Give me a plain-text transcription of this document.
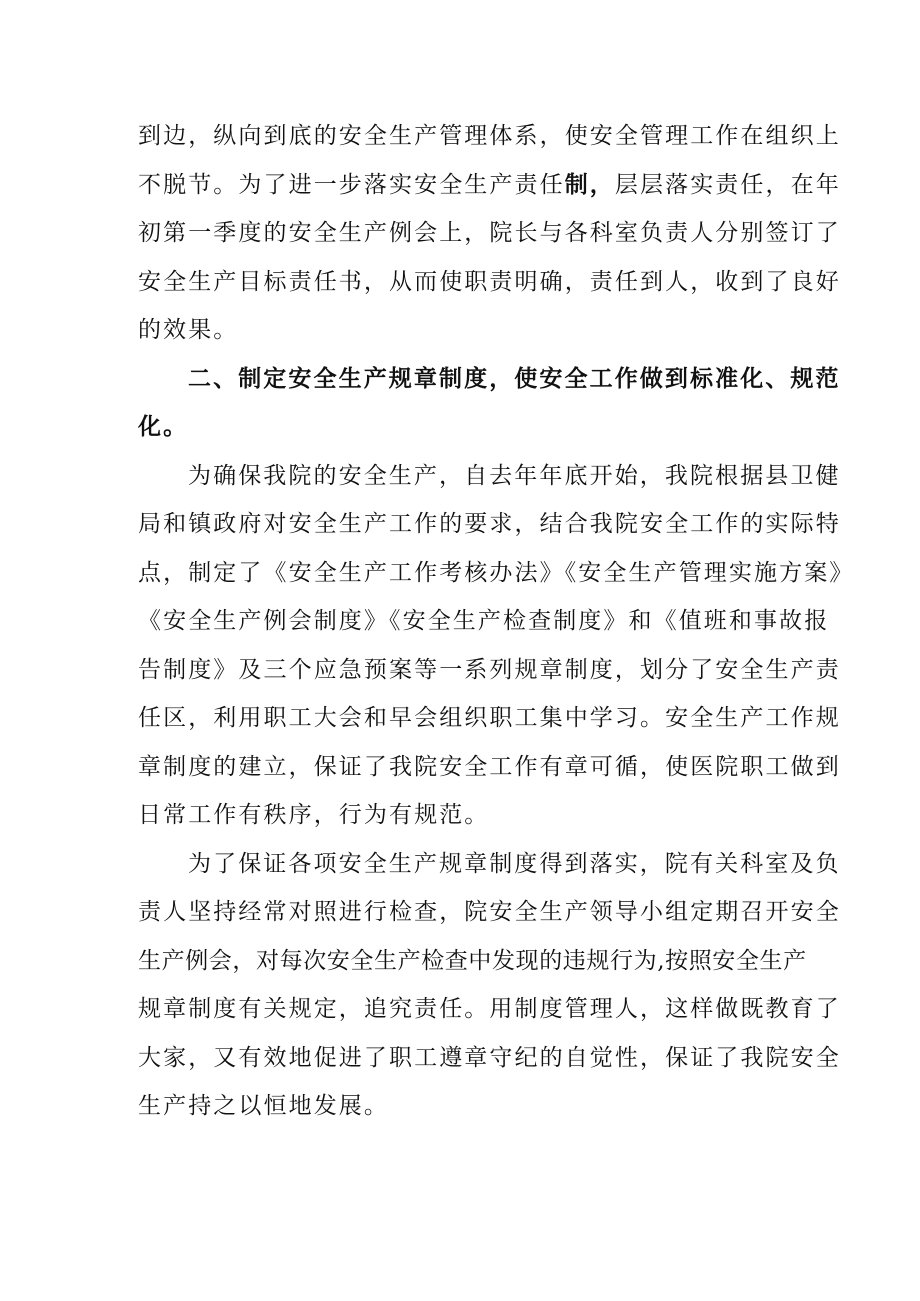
到边，纵向到底的安全生产管理体系，使安全管理工作在组织上
不脱节。为了进一步落实安全生产责任制，层层落实责任，在年
初第一季度的安全生产例会上，院长与各科室负责人分别签订了
安全生产目标责任书，从而使职责明确，责任到人，收到了良好
的效果。

二、制定安全生产规章制度，使安全工作做到标准化、规范
化。

为确保我院的安全生产，自去年年底开始，我院根据县卫健
局和镇政府对安全生产工作的要求，结合我院安全工作的实际特
点，制定了《安全生产工作考核办法》《安全生产管理实施方案》
《安全生产例会制度》《安全生产检查制度》和《值班和事故报
告制度》及三个应急预案等一系列规章制度，划分了安全生产责
任区，利用职工大会和早会组织职工集中学习。安全生产工作规
章制度的建立，保证了我院安全工作有章可循，使医院职工做到
日常工作有秩序，行为有规范。

为了保证各项安全生产规章制度得到落实，院有关科室及负
责人坚持经常对照进行检查，院安全生产领导小组定期召开安全
生产例会，对每次安全生产检查中发现的违规行为,按照安全生产
规章制度有关规定，追究责任。用制度管理人，这样做既教育了
大家，又有效地促进了职工遵章守纪的自觉性，保证了我院安全
生产持之以恒地发展。
